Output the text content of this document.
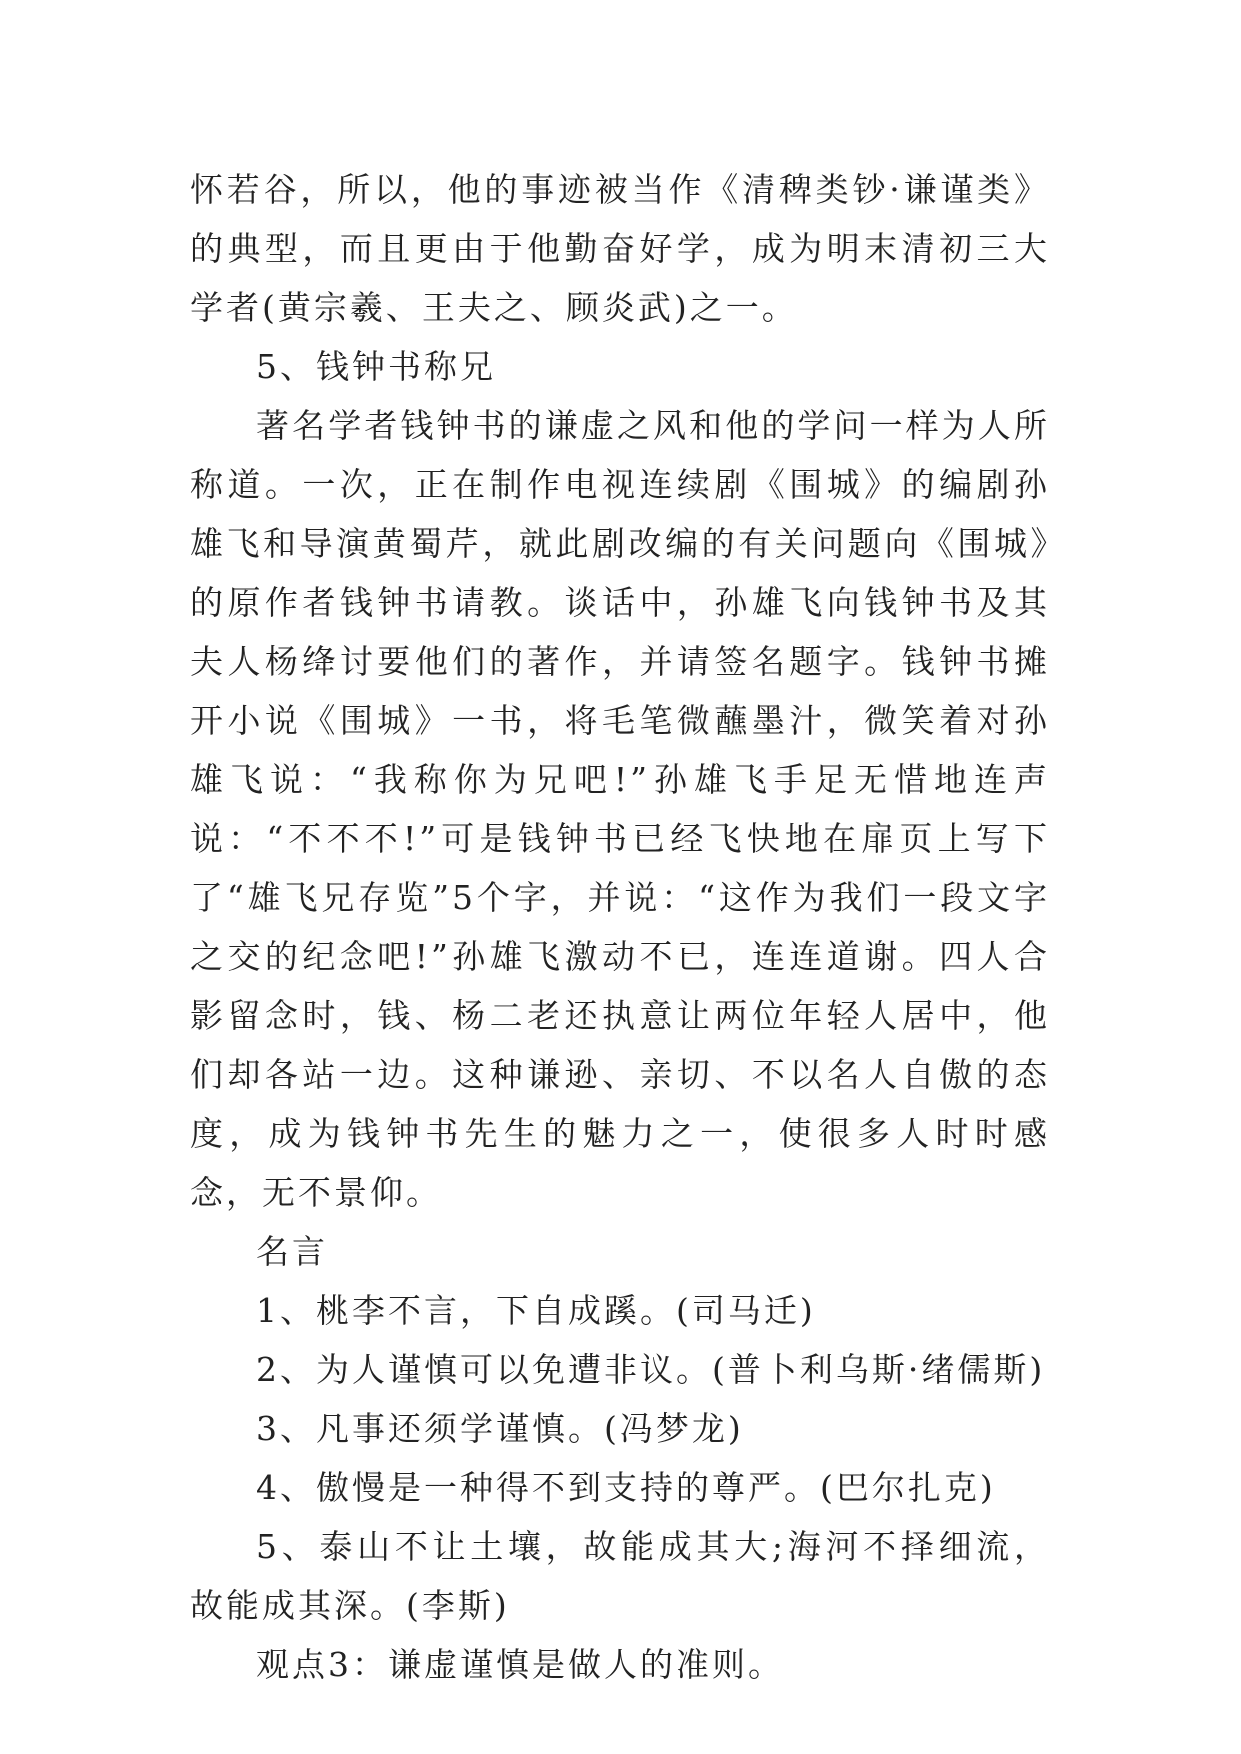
怀若谷，所以，他的事迹被当作《清稗类钞·谦谨类》的典型，而且更由于他勤奋好学，成为明末清初三大学者(黄宗羲、王夫之、顾炎武)之一。

5、钱钟书称兄

著名学者钱钟书的谦虚之风和他的学问一样为人所称道。一次，正在制作电视连续剧《围城》的编剧孙雄飞和导演黄蜀芹，就此剧改编的有关问题向《围城》的原作者钱钟书请教。谈话中，孙雄飞向钱钟书及其夫人杨绛讨要他们的著作，并请签名题字。钱钟书摊开小说《围城》一书，将毛笔微蘸墨汁，微笑着对孙雄飞说：“我称你为兄吧!”孙雄飞手足无惜地连声说：“不不不!”可是钱钟书已经飞快地在扉页上写下了“雄飞兄存览”5个字，并说：“这作为我们一段文字之交的纪念吧!”孙雄飞激动不已，连连道谢。四人合影留念时，钱、杨二老还执意让两位年轻人居中，他们却各站一边。这种谦逊、亲切、不以名人自傲的态度，成为钱钟书先生的魅力之一，使很多人时时感念，无不景仰。

名言

1、桃李不言，下自成蹊。(司马迁)

2、为人谨慎可以免遭非议。(普卜利乌斯·绪儒斯)

3、凡事还须学谨慎。(冯梦龙)

4、傲慢是一种得不到支持的尊严。(巴尔扎克)

5、泰山不让土壤，故能成其大;海河不择细流，故能成其深。(李斯)

观点3：谦虚谨慎是做人的准则。
